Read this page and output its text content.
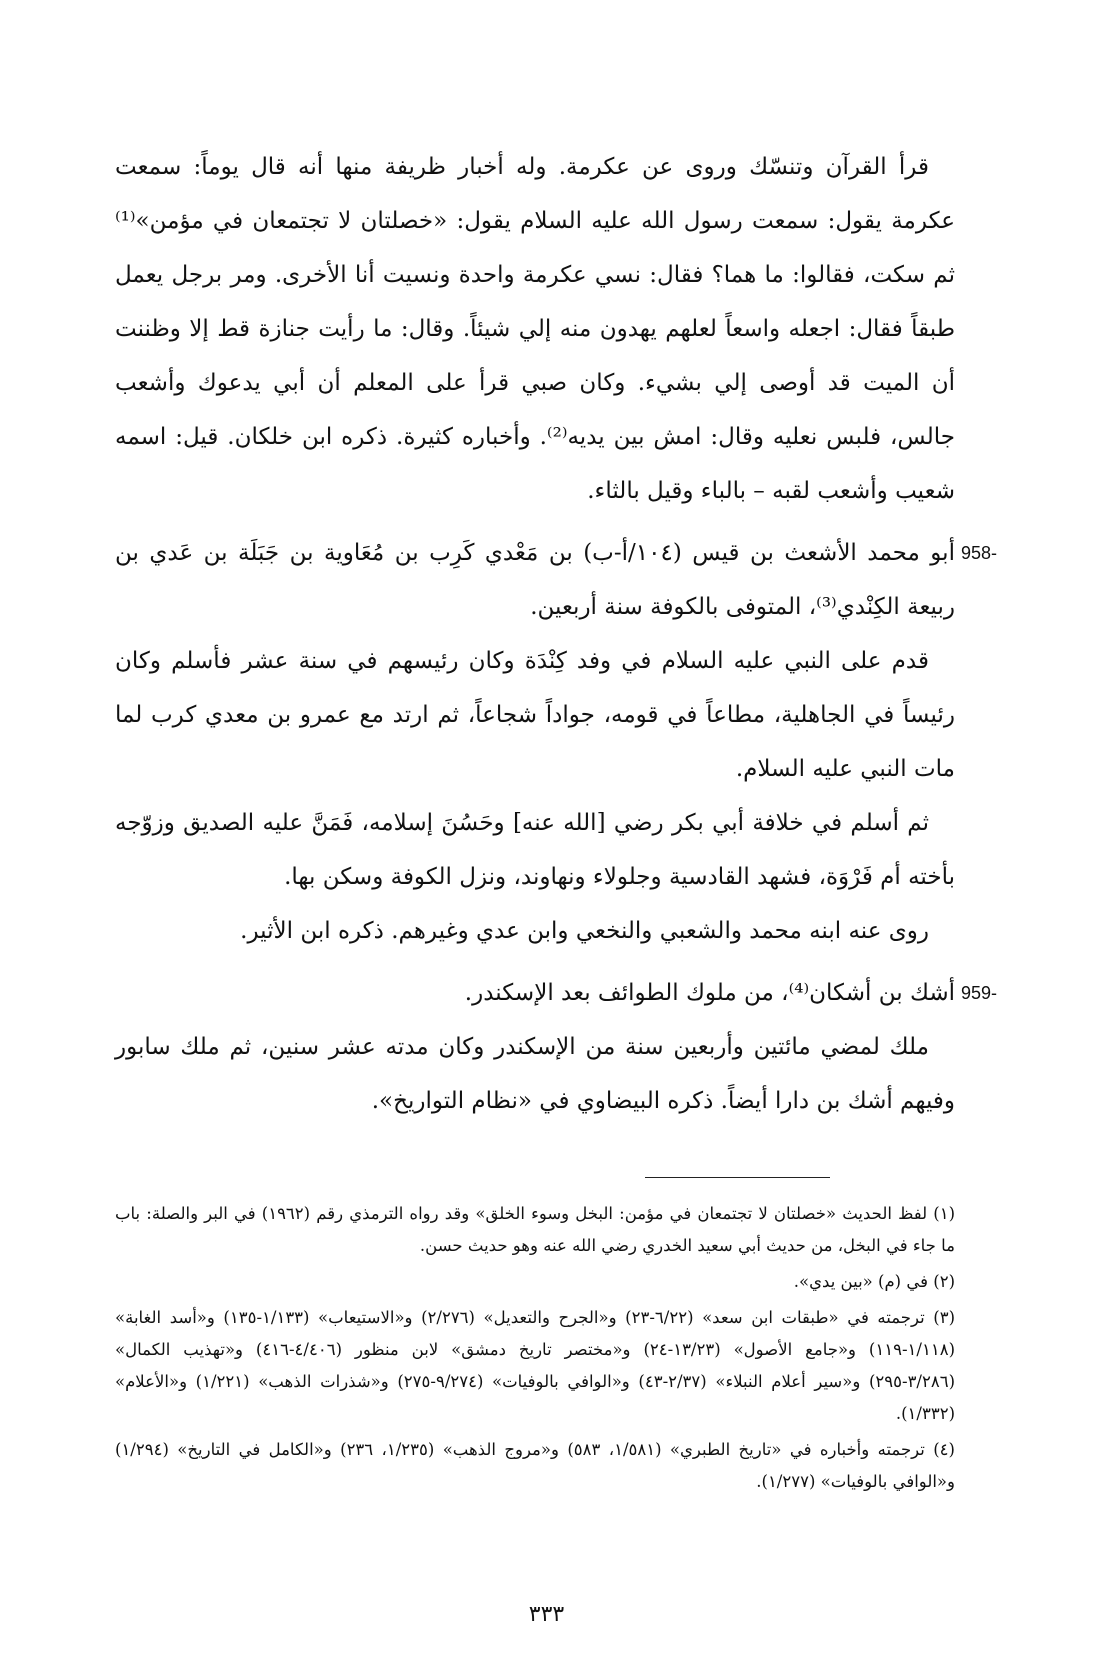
قرأ القرآن وتنسّك وروى عن عكرمة. وله أخبار ظريفة منها أنه قال يوماً: سمعت عكرمة يقول: سمعت رسول الله عليه السلام يقول: «خصلتان لا تجتمعان في مؤمن»⁽¹⁾ ثم سكت، فقالوا: ما هما؟ فقال: نسي عكرمة واحدة ونسيت أنا الأخرى. ومر برجل يعمل طبقاً فقال: اجعله واسعاً لعلهم يهدون منه إلي شيئاً. وقال: ما رأيت جنازة قط إلا وظننت أن الميت قد أوصى إلي بشيء. وكان صبي قرأ على المعلم أن أبي يدعوك وأشعب جالس، فلبس نعليه وقال: امش بين يديه⁽²⁾. وأخباره كثيرة. ذكره ابن خلكان. قيل: اسمه شعيب وأشعب لقبه – بالباء وقيل بالثاء.

958-

أبو محمد الأشعث بن قيس (١٠٤/أ-ب) بن مَعْدي كَرِب بن مُعَاوية بن جَبَلَة بن عَدي بن ربيعة الكِنْدي⁽³⁾، المتوفى بالكوفة سنة أربعين.

قدم على النبي عليه السلام في وفد كِنْدَة وكان رئيسهم في سنة عشر فأسلم وكان رئيساً في الجاهلية، مطاعاً في قومه، جواداً شجاعاً، ثم ارتد مع عمرو بن معدي كرب لما مات النبي عليه السلام.

ثم أسلم في خلافة أبي بكر رضي [الله عنه] وحَسُنَ إسلامه، فَمَنَّ عليه الصديق وزوّجه بأخته أم فَرْوَة، فشهد القادسية وجلولاء ونهاوند، ونزل الكوفة وسكن بها.

روى عنه ابنه محمد والشعبي والنخعي وابن عدي وغيرهم. ذكره ابن الأثير.

959-

أشك بن أشكان⁽⁴⁾، من ملوك الطوائف بعد الإسكندر.

ملك لمضي مائتين وأربعين سنة من الإسكندر وكان مدته عشر سنين، ثم ملك سابور وفيهم أشك بن دارا أيضاً. ذكره البيضاوي في «نظام التواريخ».

(١) لفظ الحديث «خصلتان لا تجتمعان في مؤمن: البخل وسوء الخلق» وقد رواه الترمذي رقم (١٩٦٢) في البر والصلة: باب ما جاء في البخل، من حديث أبي سعيد الخدري رضي الله عنه وهو حديث حسن.

(٢) في (م) «بين يدي».

(٣) ترجمته في «طبقات ابن سعد» (٦/٢٢-٢٣) و«الجرح والتعديل» (٢/٢٧٦) و«الاستيعاب» (١/١٣٣-١٣٥) و«أسد الغابة» (١/١١٨-١١٩) و«جامع الأصول» (١٣/٢٣-٢٤) و«مختصر تاريخ دمشق» لابن منظور (٤/٤٠٦-٤١٦) و«تهذيب الكمال» (٣/٢٨٦-٢٩٥) و«سير أعلام النبلاء» (٢/٣٧-٤٣) و«الوافي بالوفيات» (٩/٢٧٤-٢٧٥) و«شذرات الذهب» (١/٢٢١) و«الأعلام» (١/٣٣٢).

(٤) ترجمته وأخباره في «تاريخ الطبري» (١/٥٨١، ٥٨٣) و«مروج الذهب» (١/٢٣٥، ٢٣٦) و«الكامل في التاريخ» (١/٢٩٤) و«الوافي بالوفيات» (١/٢٧٧).

٣٣٣
